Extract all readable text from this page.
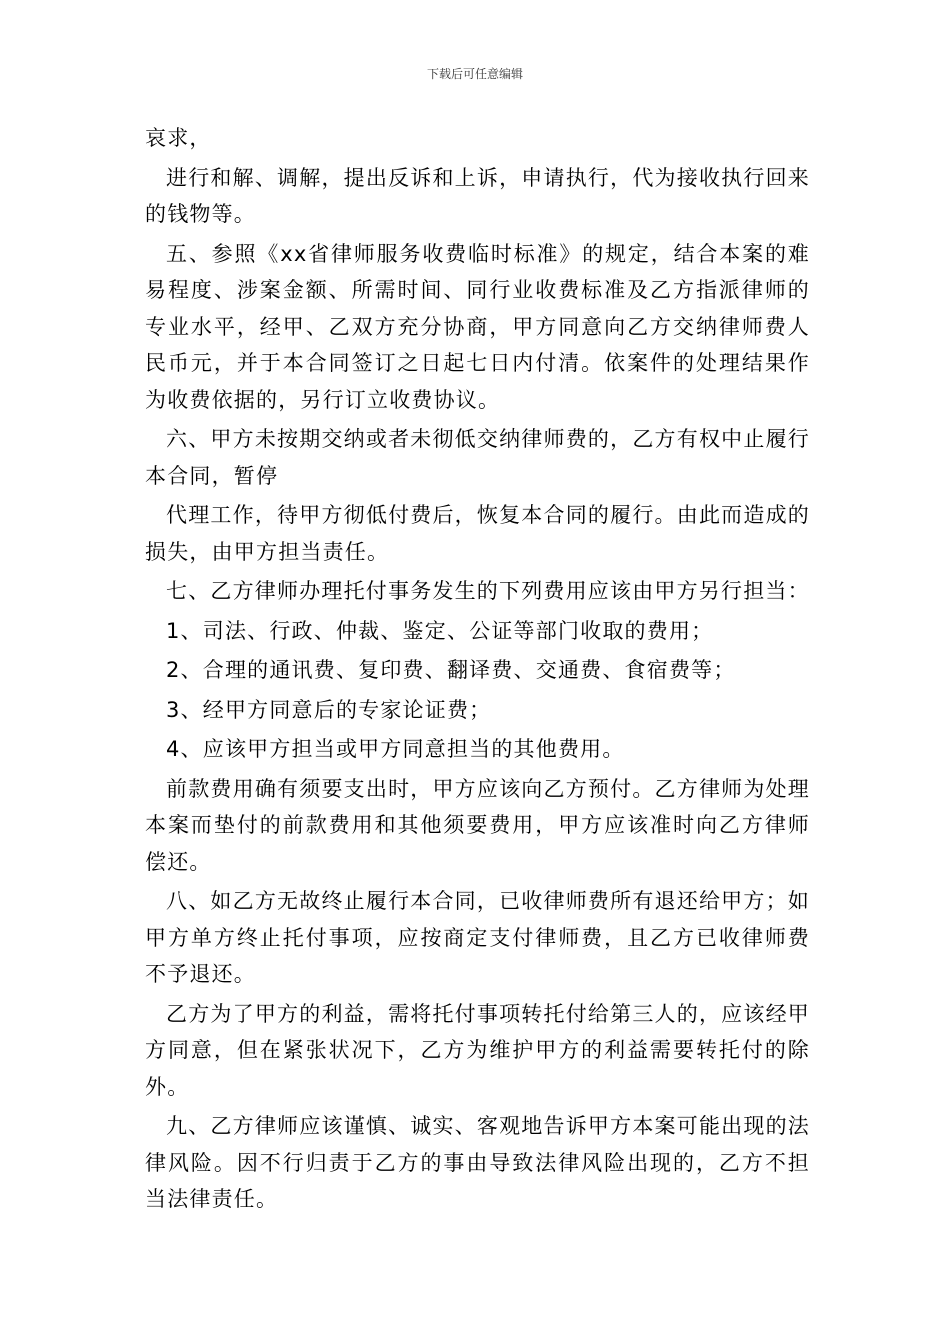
下载后可任意编辑

哀求，

进行和解、调解，提出反诉和上诉，申请执行，代为接收执行回来的钱物等。

五、参照《xx省律师服务收费临时标准》的规定，结合本案的难易程度、涉案金额、所需时间、同行业收费标准及乙方指派律师的专业水平，经甲、乙双方充分协商，甲方同意向乙方交纳律师费人民币元，并于本合同签订之日起七日内付清。依案件的处理结果作为收费依据的，另行订立收费协议。

六、甲方未按期交纳或者未彻低交纳律师费的，乙方有权中止履行本合同，暂停

代理工作，待甲方彻低付费后，恢复本合同的履行。由此而造成的损失，由甲方担当责任。

七、乙方律师办理托付事务发生的下列费用应该由甲方另行担当：

1、司法、行政、仲裁、鉴定、公证等部门收取的费用；

2、合理的通讯费、复印费、翻译费、交通费、食宿费等；

3、经甲方同意后的专家论证费；

4、应该甲方担当或甲方同意担当的其他费用。

前款费用确有须要支出时，甲方应该向乙方预付。乙方律师为处理本案而垫付的前款费用和其他须要费用，甲方应该准时向乙方律师偿还。

八、如乙方无故终止履行本合同，已收律师费所有退还给甲方；如甲方单方终止托付事项，应按商定支付律师费，且乙方已收律师费不予退还。

乙方为了甲方的利益，需将托付事项转托付给第三人的，应该经甲方同意，但在紧张状况下，乙方为维护甲方的利益需要转托付的除外。

九、乙方律师应该谨慎、诚实、客观地告诉甲方本案可能出现的法律风险。因不行归责于乙方的事由导致法律风险出现的，乙方不担当法律责任。
